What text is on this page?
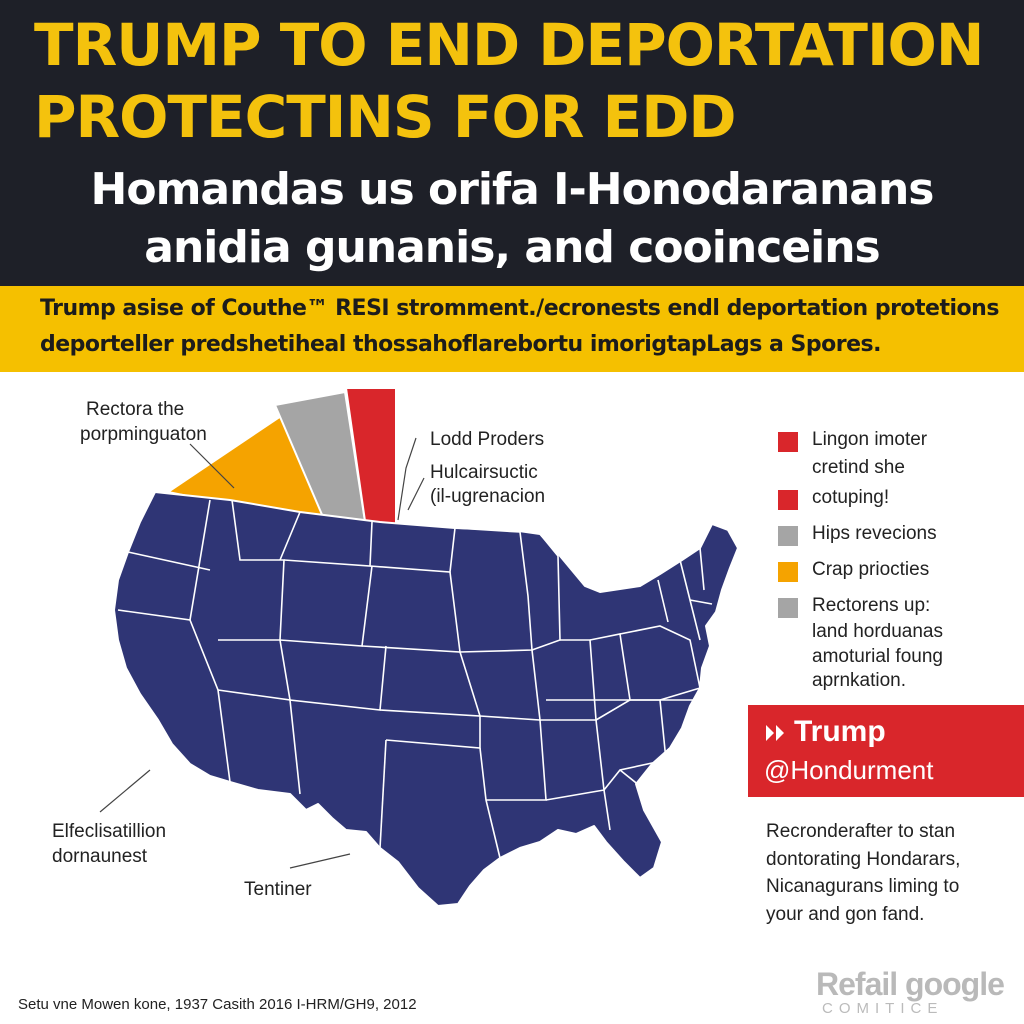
TRUMP TO END DEPORTATION
PROTECTINS FOR EDD
Homandas us orifa I-Honodaranans
anidia gunanis, and cooinceins
Trump asise of Couthe™ RESI stromment./ecronests endl deportation protetions
deporteller predshetiheal thossahoflarebortu imorigtapLags a Spores.
Rectora the
porpminguaton	Lodd Proders
Hulcairsuctic
(il-ugrenacion
Elfeclisatillion
dornaunest
Tentiner
Lingon imoter
cretind she
cotuping!
Hips revecions
Crap priocties
Rectorens up:
land horduanas
amoturial foung
aprnkation.
Trump
@Hondurment
Recronderafter to stan
dontorating Hondarars,
Nicanagurans liming to
your and gon fand.
Setu vne Mowen kone, 1937 Casith 2016 I-HRM/GH9, 2012
Refail google
COMITICE
